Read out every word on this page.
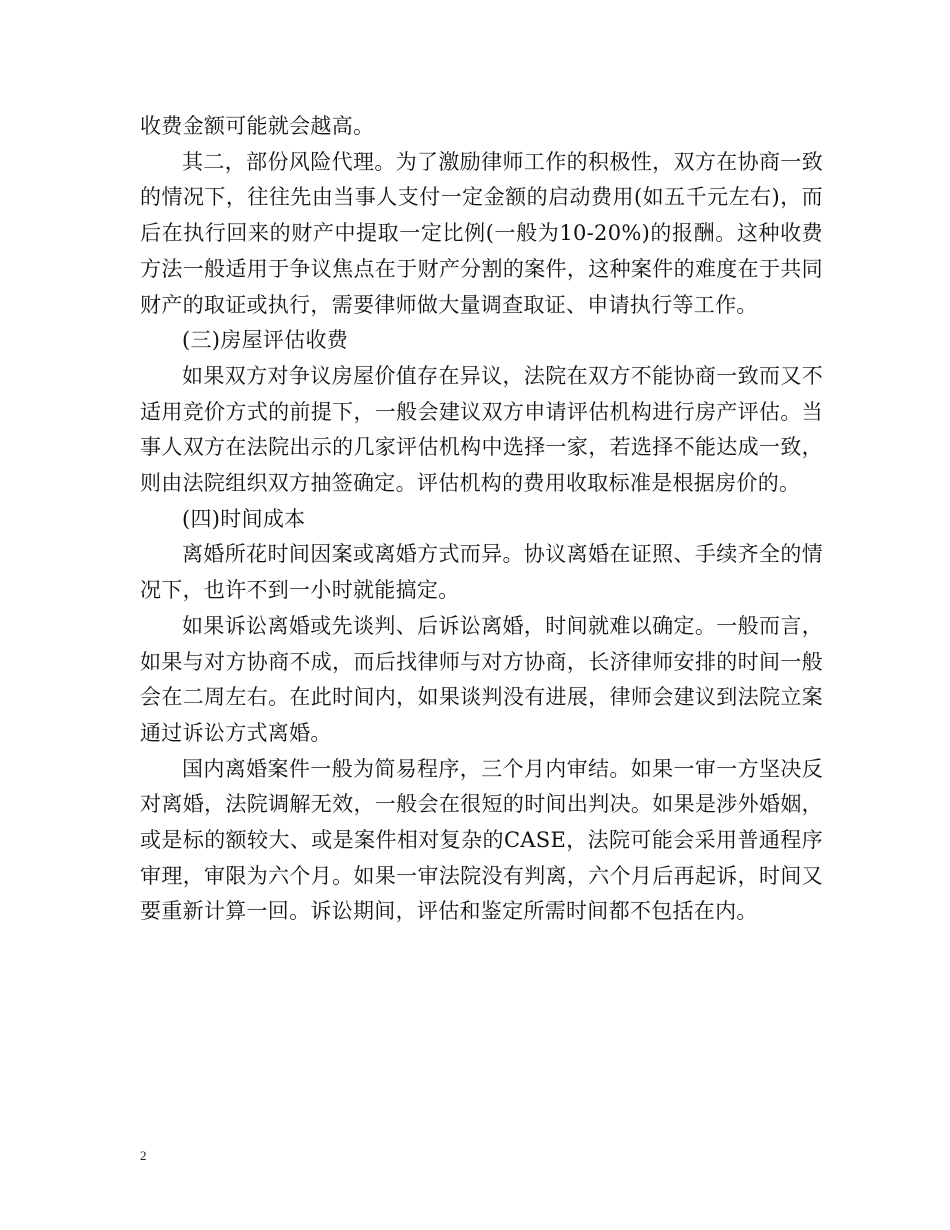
收费金额可能就会越高。

其二，部份风险代理。为了激励律师工作的积极性，双方在协商一致的情况下，往往先由当事人支付一定金额的启动费用(如五千元左右)，而后在执行回来的财产中提取一定比例(一般为10-20%)的报酬。这种收费方法一般适用于争议焦点在于财产分割的案件，这种案件的难度在于共同财产的取证或执行，需要律师做大量调查取证、申请执行等工作。

(三)房屋评估收费

如果双方对争议房屋价值存在异议，法院在双方不能协商一致而又不适用竞价方式的前提下，一般会建议双方申请评估机构进行房产评估。当事人双方在法院出示的几家评估机构中选择一家，若选择不能达成一致，则由法院组织双方抽签确定。评估机构的费用收取标准是根据房价的。

(四)时间成本

离婚所花时间因案或离婚方式而异。协议离婚在证照、手续齐全的情况下，也许不到一小时就能搞定。

如果诉讼离婚或先谈判、后诉讼离婚，时间就难以确定。一般而言，如果与对方协商不成，而后找律师与对方协商，长济律师安排的时间一般会在二周左右。在此时间内，如果谈判没有进展，律师会建议到法院立案通过诉讼方式离婚。

国内离婚案件一般为简易程序，三个月内审结。如果一审一方坚决反对离婚，法院调解无效，一般会在很短的时间出判决。如果是涉外婚姻，或是标的额较大、或是案件相对复杂的CASE，法院可能会采用普通程序审理，审限为六个月。如果一审法院没有判离，六个月后再起诉，时间又要重新计算一回。诉讼期间，评估和鉴定所需时间都不包括在内。

2
